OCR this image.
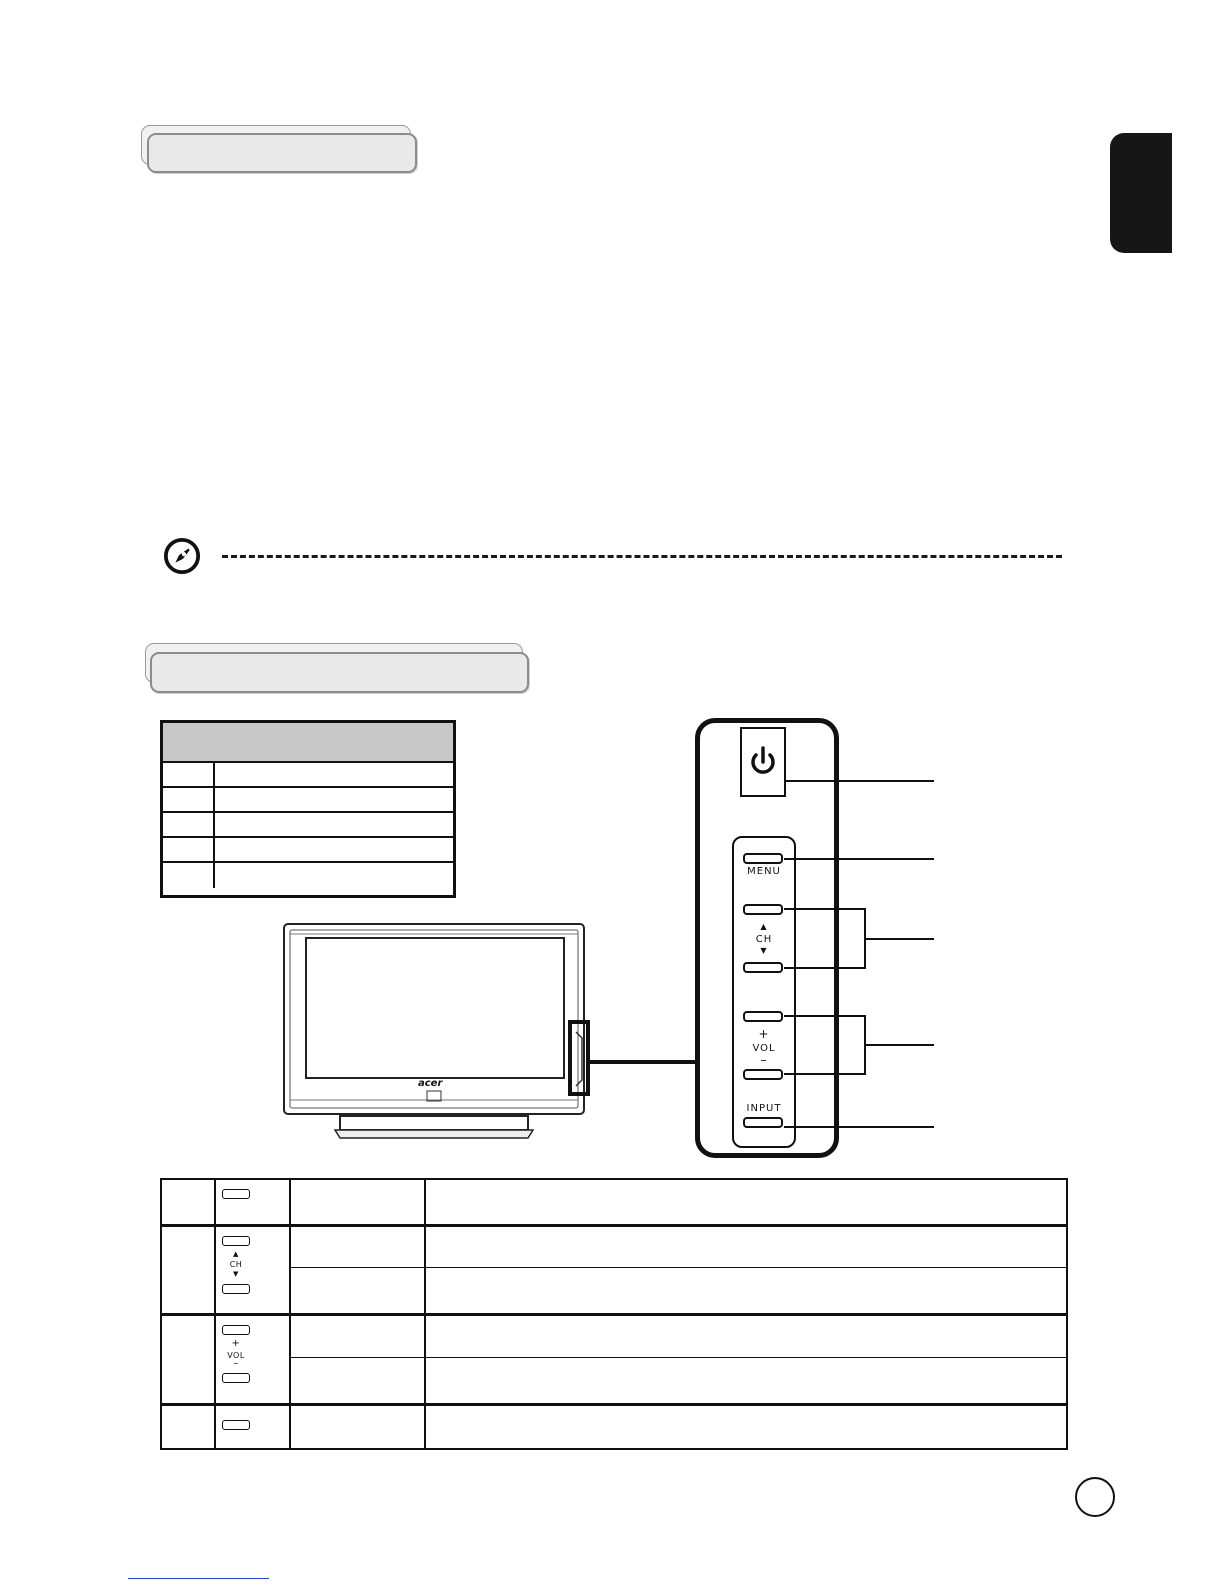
acer
MENU
▲
CH
▼
+
VOL
–
INPUT
▲
CH
▼
+
VOL
–
